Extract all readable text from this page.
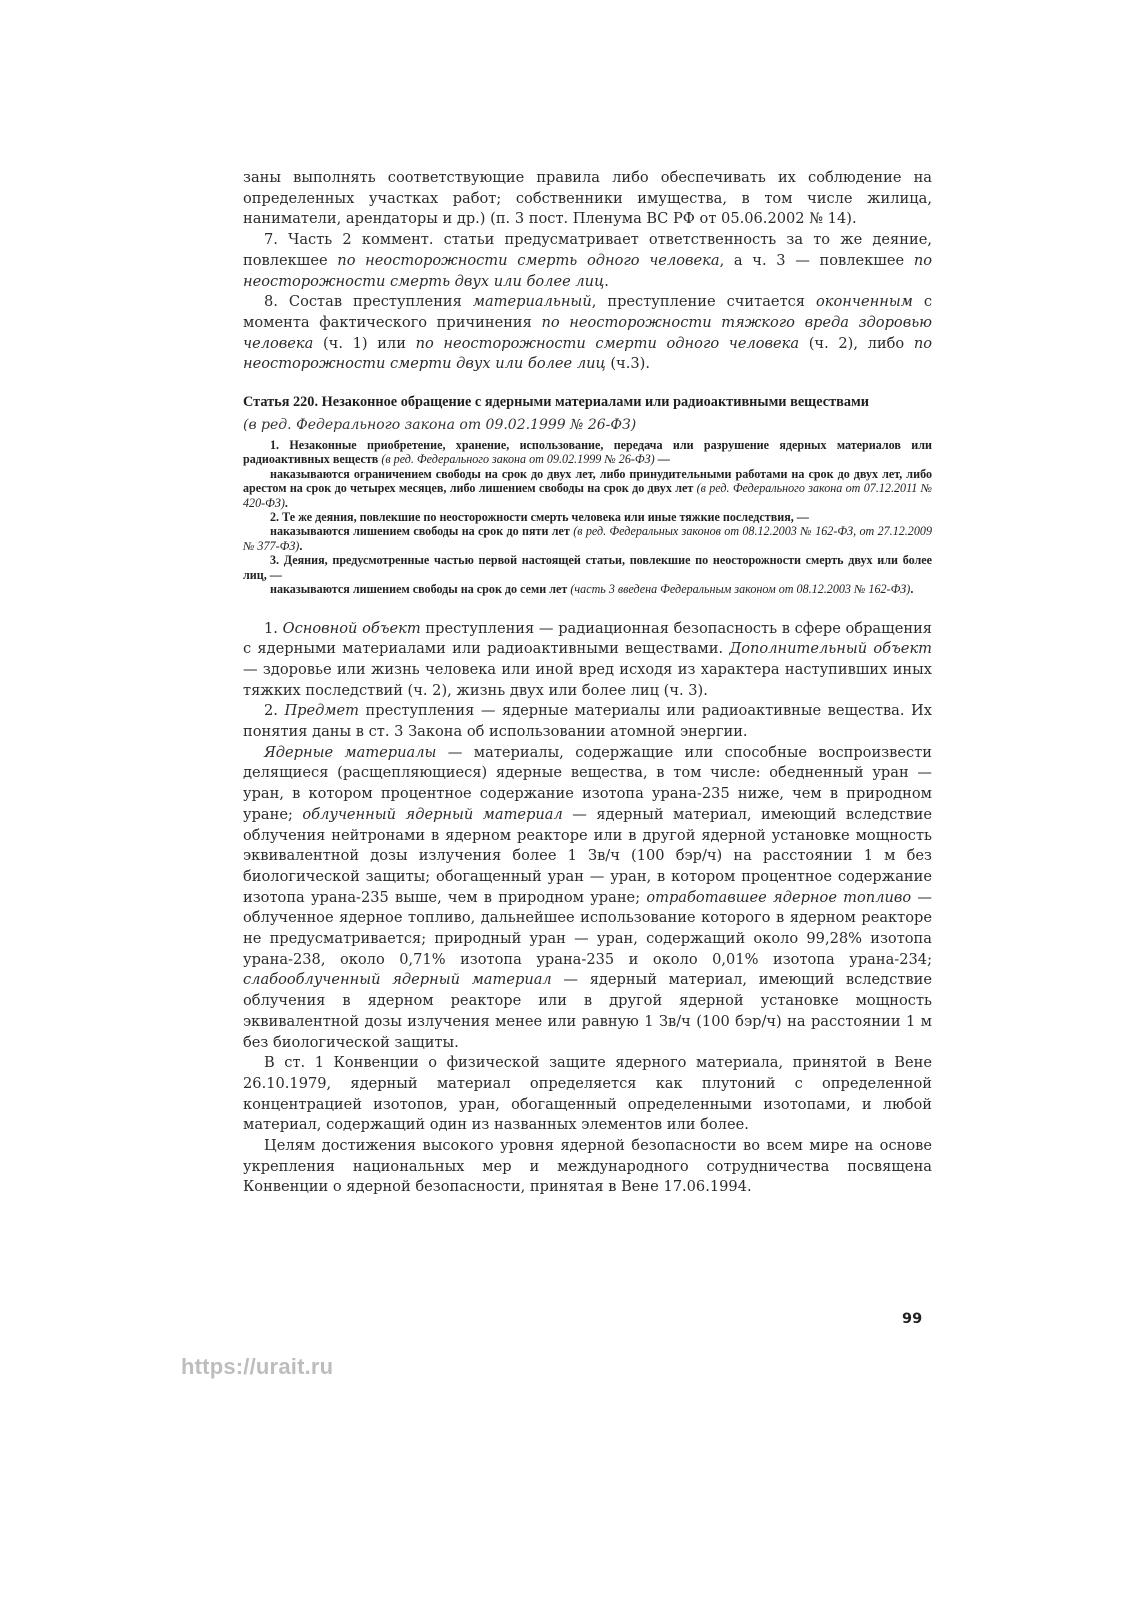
заны выполнять соответствующие правила либо обеспечивать их соблюдение на определенных участках работ; собственники имущества, в том числе жилица, наниматели, арендаторы и др.) (п. 3 пост. Пленума ВС РФ от 05.06.2002 № 14).

7. Часть 2 коммент. статьи предусматривает ответственность за то же деяние, повлекшее по неосторожности смерть одного человека, а ч. 3 — повлекшее по неосторожности смерть двух или более лиц.

8. Состав преступления материальный, преступление считается оконченным с момента фактического причинения по неосторожности тяжкого вреда здоровью человека (ч. 1) или по неосторожности смерти одного человека (ч. 2), либо по неосторожности смерти двух или более лиц (ч.3).

Статья 220. Незаконное обращение с ядерными материалами или радиоактивными веществами
(в ред. Федерального закона от 09.02.1999 № 26-ФЗ)

1. Незаконные приобретение, хранение, использование, передача или разрушение ядерных материалов или радиоактивных веществ (в ред. Федерального закона от 09.02.1999 № 26-ФЗ) —

наказываются ограничением свободы на срок до двух лет, либо принудительными работами на срок до двух лет, либо арестом на срок до четырех месяцев, либо лишением свободы на срок до двух лет (в ред. Федерального закона от 07.12.2011 № 420-ФЗ).

2. Те же деяния, повлекшие по неосторожности смерть человека или иные тяжкие последствия, —

наказываются лишением свободы на срок до пяти лет (в ред. Федеральных законов от 08.12.2003 № 162-ФЗ, от 27.12.2009 № 377-ФЗ).

3. Деяния, предусмотренные частью первой настоящей статьи, повлекшие по неосторожности смерть двух или более лиц, —

наказываются лишением свободы на срок до семи лет (часть 3 введена Федеральным законом от 08.12.2003 № 162-ФЗ).

1. Основной объект преступления — радиационная безопасность в сфере обращения с ядерными материалами или радиоактивными веществами. Дополнительный объект — здоровье или жизнь человека или иной вред исходя из характера наступивших иных тяжких последствий (ч. 2), жизнь двух или более лиц (ч. 3).

2. Предмет преступления — ядерные материалы или радиоактивные вещества. Их понятия даны в ст. 3 Закона об использовании атомной энергии.

Ядерные материалы — материалы, содержащие или способные воспроизвести делящиеся (расщепляющиеся) ядерные вещества, в том числе: обедненный уран — уран, в котором процентное содержание изотопа урана-235 ниже, чем в природном уране; облученный ядерный материал — ядерный материал, имеющий вследствие облучения нейтронами в ядерном реакторе или в другой ядерной установке мощность эквивалентной дозы излучения более 1 Зв/ч (100 бэр/ч) на расстоянии 1 м без биологической защиты; обогащенный уран — уран, в котором процентное содержание изотопа урана-235 выше, чем в природном уране; отработавшее ядерное топливо — облученное ядерное топливо, дальнейшее использование которого в ядерном реакторе не предусматривается; природный уран — уран, содержащий около 99,28% изотопа урана-238, около 0,71% изотопа урана-235 и около 0,01% изотопа урана-234; слабооблученный ядерный материал — ядерный материал, имеющий вследствие облучения в ядерном реакторе или в другой ядерной установке мощность эквивалентной дозы излучения менее или равную 1 Зв/ч (100 бэр/ч) на расстоянии 1 м без биологической защиты.

В ст. 1 Конвенции о физической защите ядерного материала, принятой в Вене 26.10.1979, ядерный материал определяется как плутоний с определенной концентрацией изотопов, уран, обогащенный определенными изотопами, и любой материал, содержащий один из названных элементов или более.

Целям достижения высокого уровня ядерной безопасности во всем мире на основе укрепления национальных мер и международного сотрудничества посвящена Конвенции о ядерной безопасности, принятая в Вене 17.06.1994.

99
https://urait.ru
